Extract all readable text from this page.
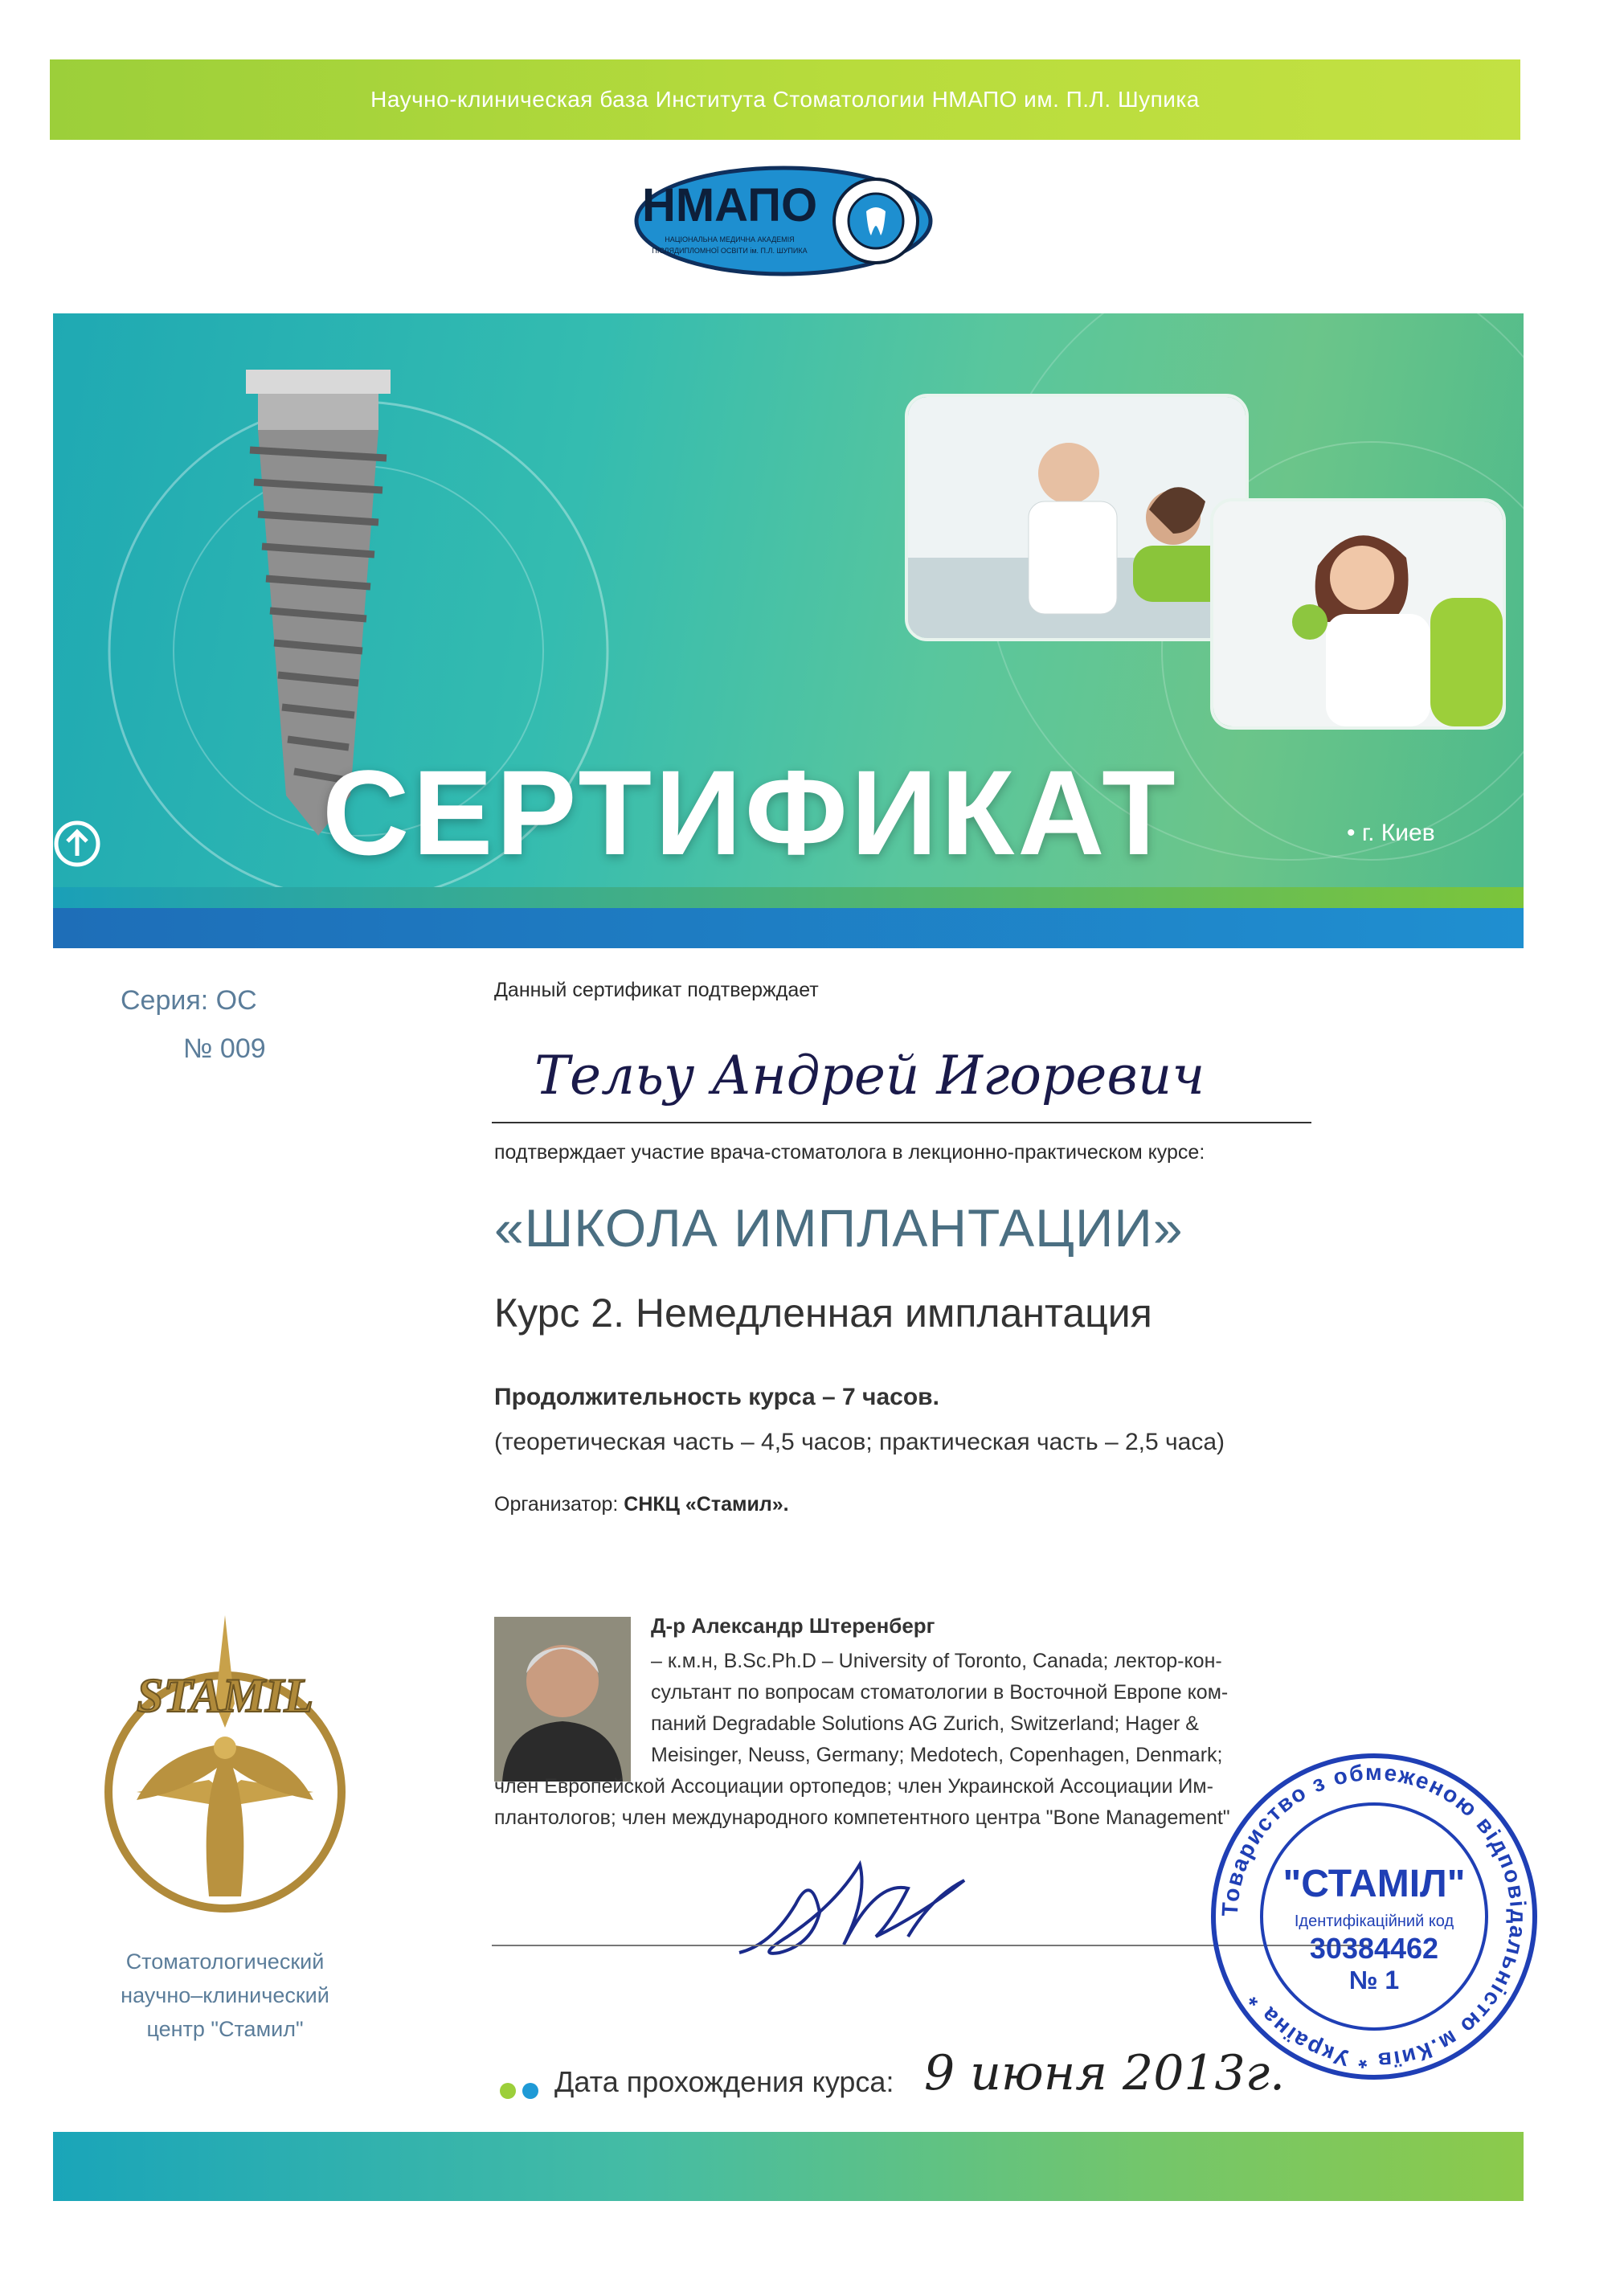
Научно-клиническая база Института Стоматологии НМАПО им. П.Л. Шупика
НМАПО
НАЦІОНАЛЬНА МЕДИЧНА АКАДЕМІЯ
ПІСЛЯДИПЛОМНОЇ ОСВІТИ ім. П.Л. ШУПИКА
СЕРТИФИКАТ	• г. Киев
Серия: ОС
№ 009
Данный сертификат подтверждает
Тельу Андрей Игоревич
подтверждает участие врача-стоматолога в лекционно-практическом курсе:
«ШКОЛА ИМПЛАНТАЦИИ»
Курс 2. Немедленная имплантация
Продолжительность курса – 7 часов.
(теоретическая часть – 4,5 часов; практическая часть – 2,5 часа)
Организатор: СНКЦ «Стамил».
Д-р Александр Штеренберг
– к.м.н, B.Sc.Ph.D – University of Toronto, Canada; лектор-кон-
сультант по вопросам стоматологии в Восточной Европе ком-
паний Degradable Solutions AG Zurich, Switzerland; Hager &
Meisinger, Neuss, Germany; Medotech, Copenhagen, Denmark;
член Европейской Ассоциации ортопедов; член Украинской Ассоциации Им-
плантологов; член международного компетентного центра "Bone Management"
STAMIL
Стоматологический
научно–клинический
центр "Стамил"
Товариство з обмеженою відповідальністю м.Київ * Україна *
"СТАМІЛ"
Ідентифікаційний код
30384462
№ 1
Дата прохождения курса: 9 июня 2013г.
